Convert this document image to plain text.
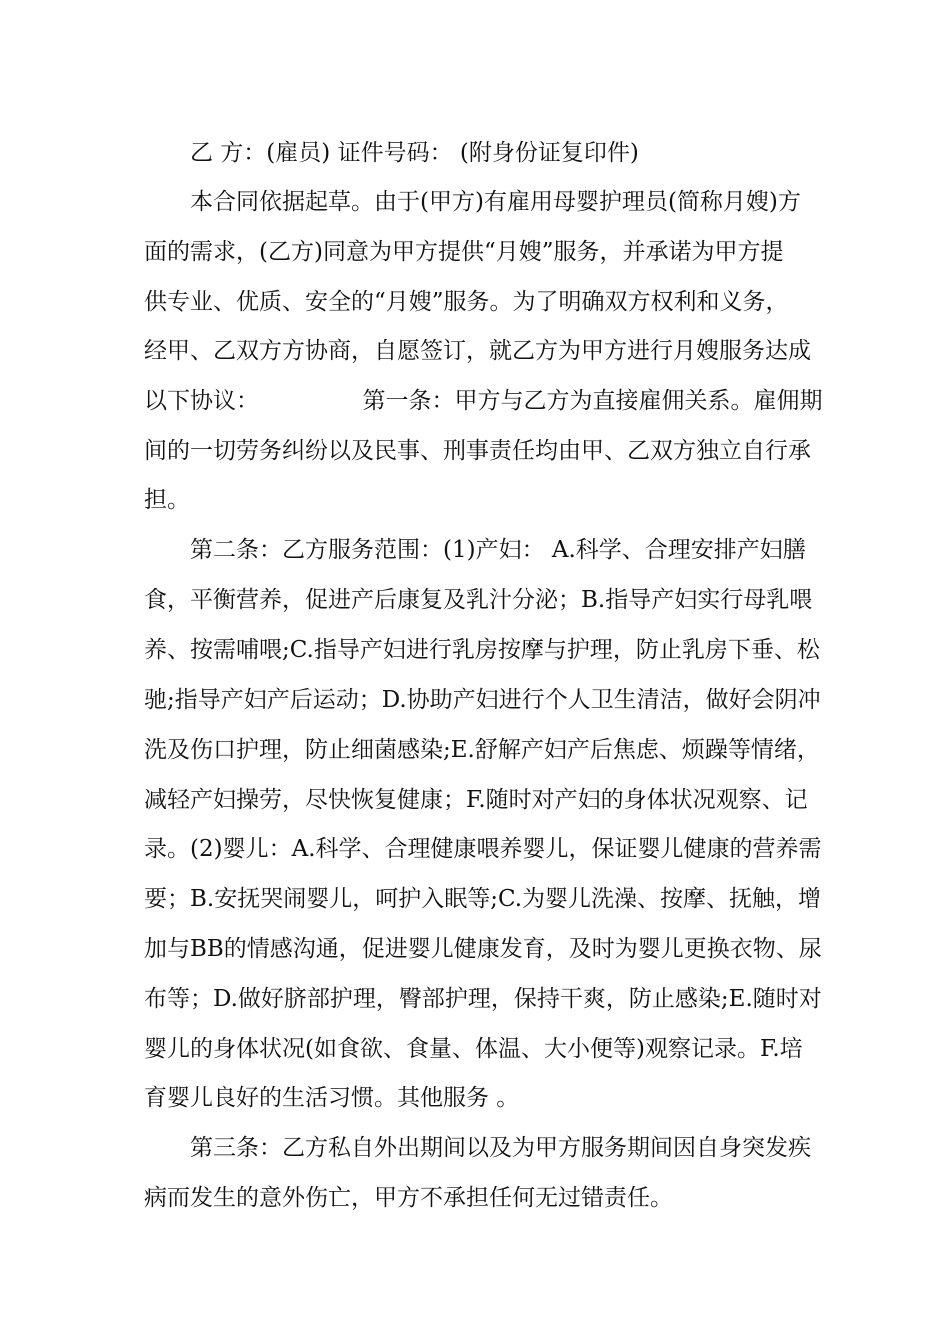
乙 方：(雇员) 证件号码： (附身份证复印件)
本合同依据起草。由于(甲方)有雇用母婴护理员(简称月嫂)方
面的需求，(乙方)同意为甲方提供“月嫂”服务，并承诺为甲方提
供专业、优质、安全的“月嫂”服务。为了明确双方权利和义务，
经甲、乙双方方协商，自愿签订，就乙方为甲方进行月嫂服务达成
以下协议：　　　　　第一条：甲方与乙方为直接雇佣关系。雇佣期
间的一切劳务纠纷以及民事、刑事责任均由甲、乙双方独立自行承
担。
第二条：乙方服务范围：(1)产妇： A.科学、合理安排产妇膳
食，平衡营养，促进产后康复及乳汁分泌；B.指导产妇实行母乳喂
养、按需哺喂;C.指导产妇进行乳房按摩与护理，防止乳房下垂、松
驰;指导产妇产后运动；D.协助产妇进行个人卫生清洁，做好会阴冲
洗及伤口护理，防止细菌感染;E.舒解产妇产后焦虑、烦躁等情绪，
减轻产妇操劳，尽快恢复健康；F.随时对产妇的身体状况观察、记
录。(2)婴儿：A.科学、合理健康喂养婴儿，保证婴儿健康的营养需
要；B.安抚哭闹婴儿，呵护入眠等;C.为婴儿洗澡、按摩、抚触，增
加与BB的情感沟通，促进婴儿健康发育，及时为婴儿更换衣物、尿
布等；D.做好脐部护理，臀部护理，保持干爽，防止感染;E.随时对
婴儿的身体状况(如食欲、食量、体温、大小便等)观察记录。F.培
育婴儿良好的生活习惯。其他服务 。
第三条：乙方私自外出期间以及为甲方服务期间因自身突发疾
病而发生的意外伤亡，甲方不承担任何无过错责任。
